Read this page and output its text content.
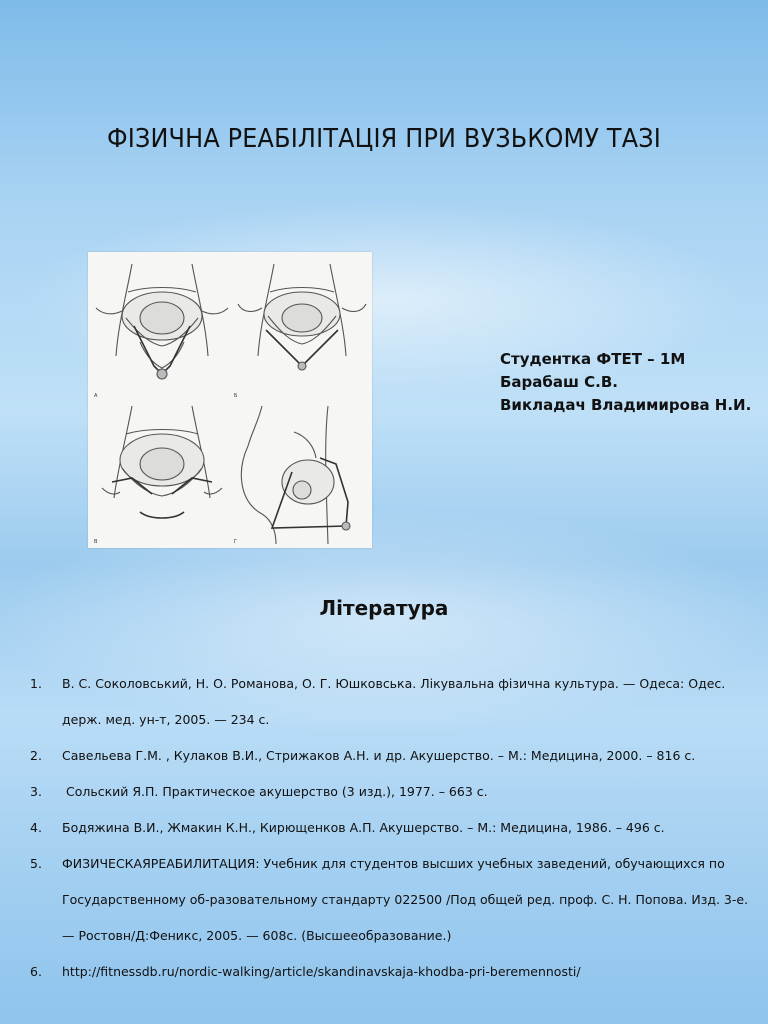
ФІЗИЧНА РЕАБІЛІТАЦІЯ ПРИ ВУЗЬКОМУ ТАЗІ
А	Б
В	Г
Студентка ФТЕТ – 1М
Барабаш С.В.
Викладач Владимирова Н.И.
Література
1. В. С. Соколовський, Н. О. Романова, О. Г. Юшковська. Лікувальна фізична культура. — Одеса: Одес. держ. мед. ун-т, 2005. — 234 с.
2. Савельева Г.М. , Кулаков В.И., Стрижаков А.Н. и др. Акушерство. – М.: Медицина, 2000. – 816 с.
3. Сольский Я.П. Практическое акушерство (3 изд.), 1977. – 663 с.
4. Бодяжина В.И., Жмакин К.Н., Кирющенков А.П. Акушерство. – М.: Медицина, 1986. – 496 с.
5. ФИЗИЧЕСКАЯРЕАБИЛИТАЦИЯ: Учебник для студентов высших учебных заведений, обучающихся по Государственному об-разовательному стандарту 022500 /Под общей ред. проф. С. Н. Попова. Изд. 3-е. — Ростовн/Д:Феникс, 2005. — 608с. (Высшееобразование.)
6. http://fitnessdb.ru/nordic-walking/article/skandinavskaja-khodba-pri-beremennosti/
